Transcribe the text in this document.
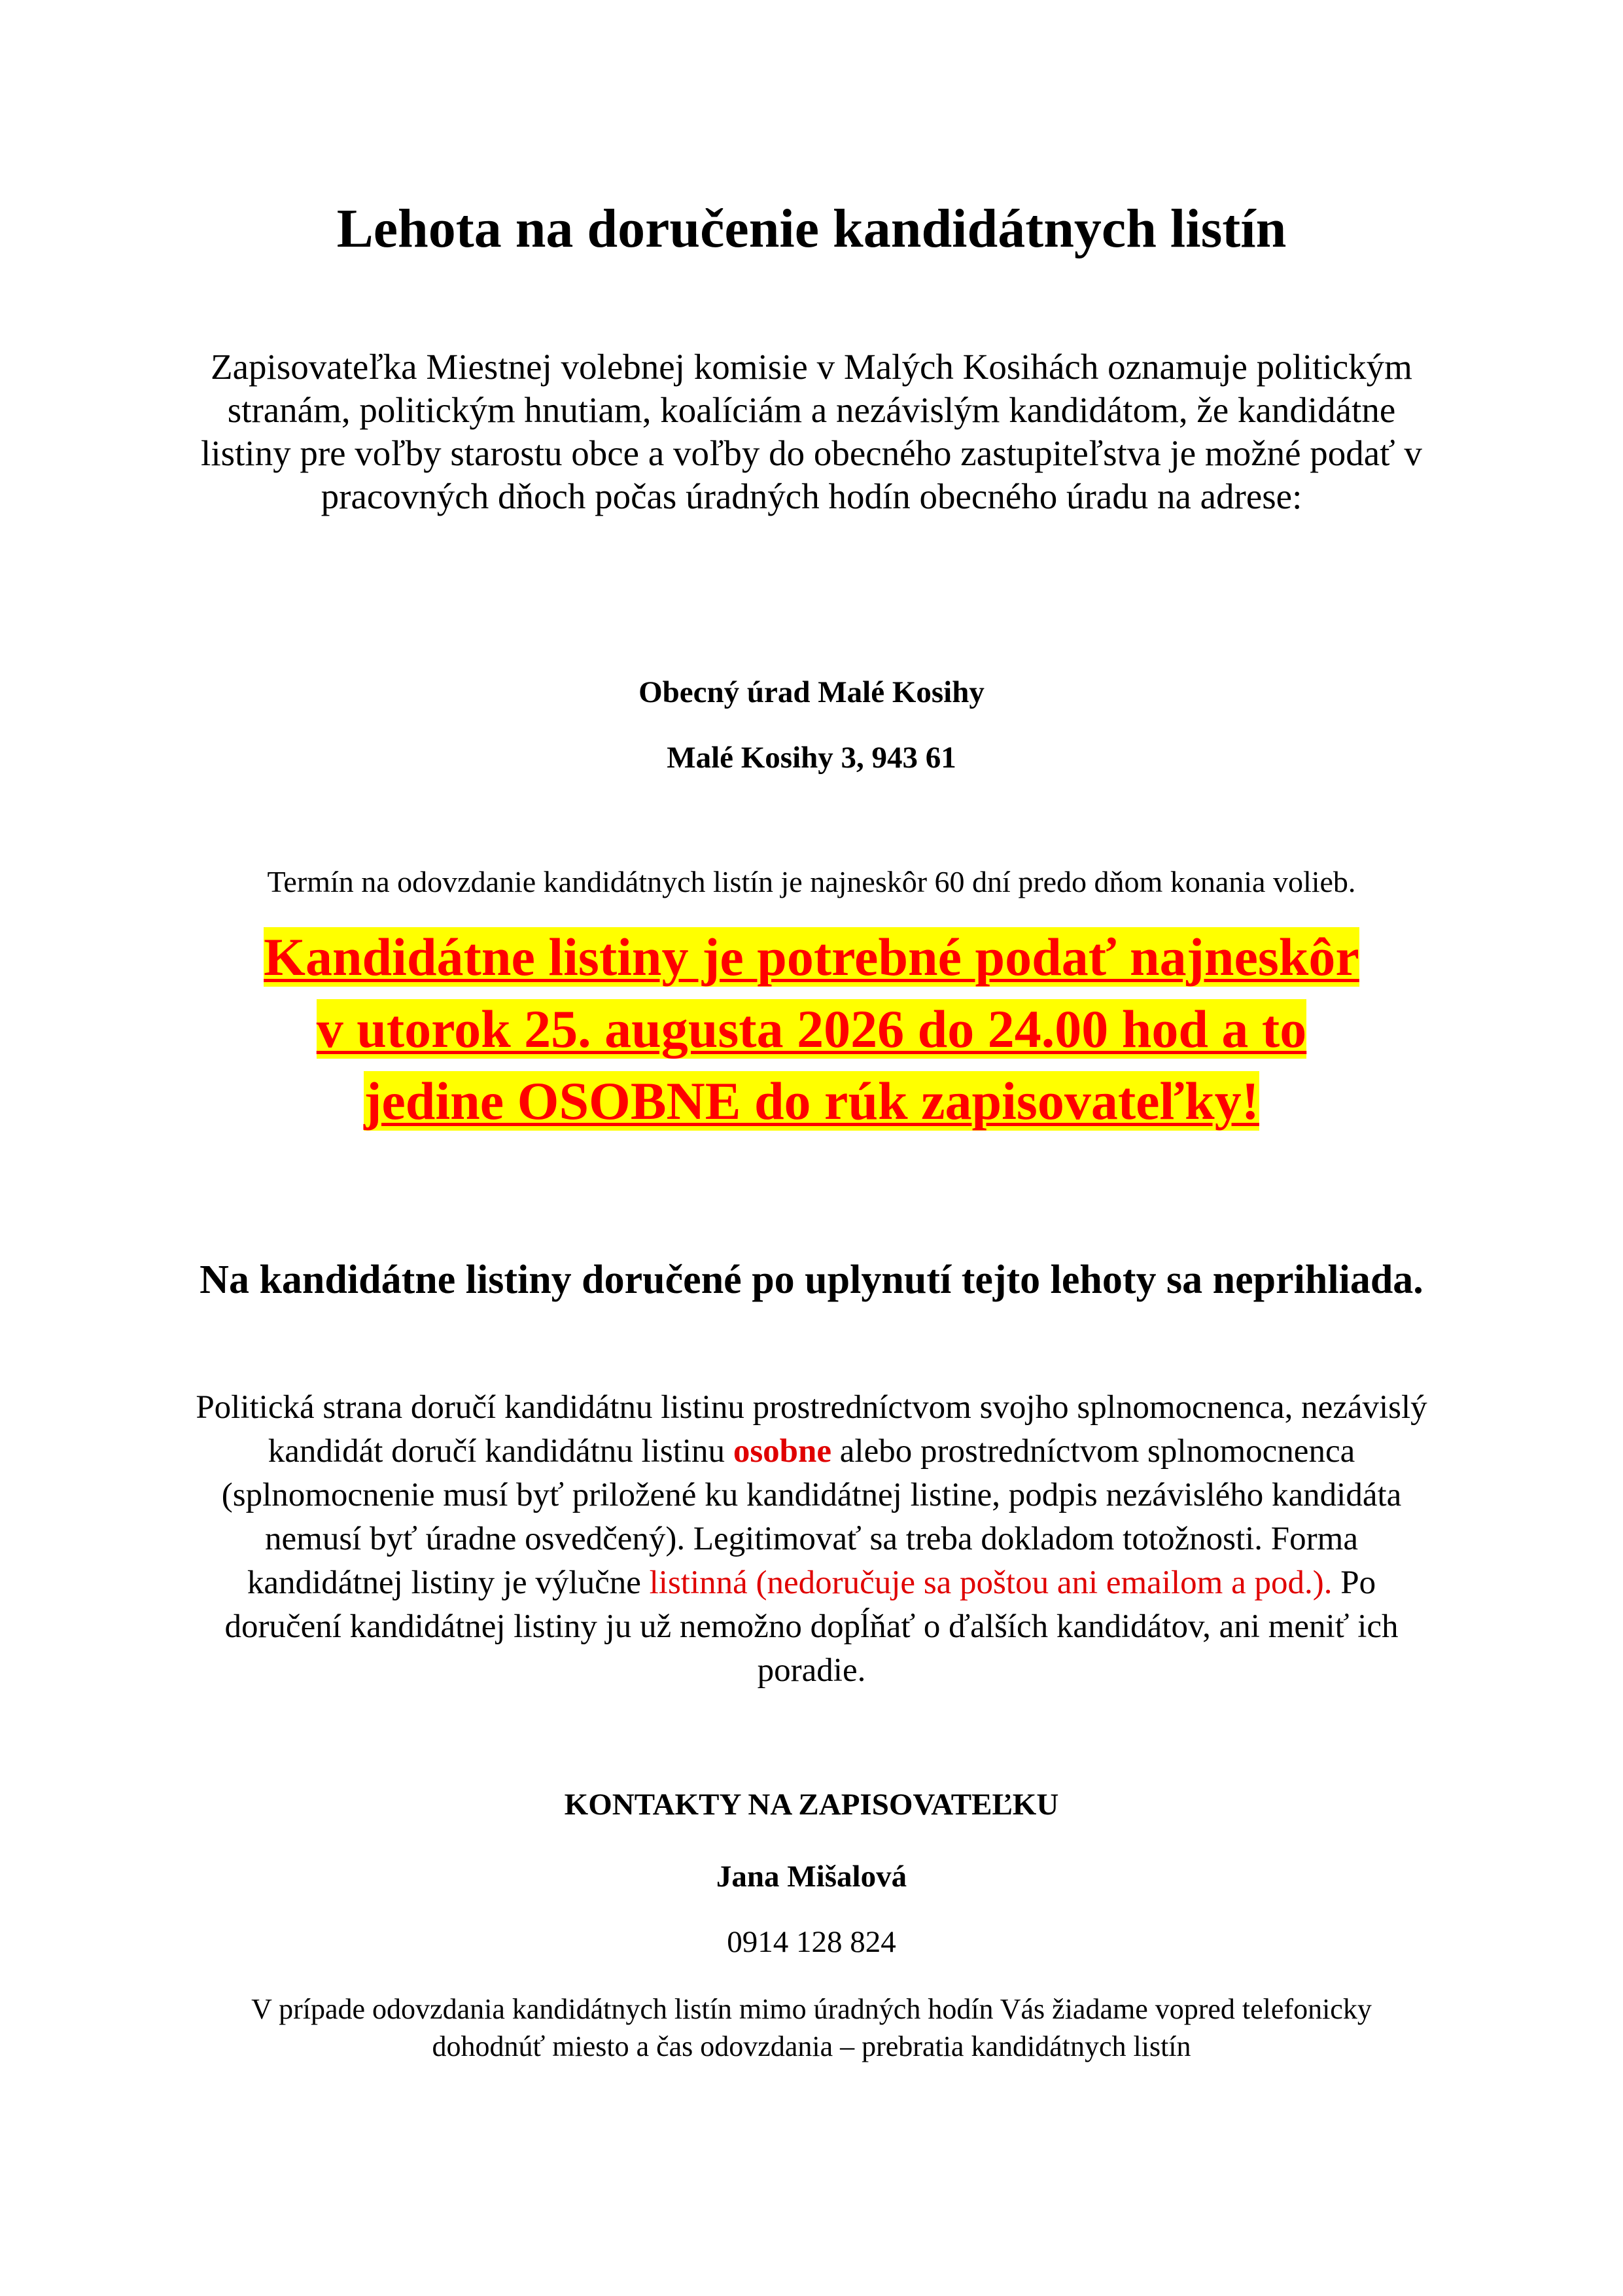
Lehota na doručenie kandidátnych listín
Zapisovateľka Miestnej volebnej komisie v Malých Kosihách oznamuje politickým stranám, politickým hnutiam, koalíciám a nezávislým kandidátom, že kandidátne listiny pre voľby starostu obce a voľby do obecného zastupiteľstva je možné podať v pracovných dňoch počas úradných hodín obecného úradu na adrese:
Obecný úrad Malé Kosihy
Malé Kosihy 3, 943 61
Termín na odovzdanie kandidátnych listín je najneskôr 60 dní predo dňom konania volieb.
Kandidátne listiny je potrebné podať najneskôr
v utorok 25. augusta 2026 do 24.00 hod a to
jedine OSOBNE do rúk zapisovateľky!
Na kandidátne listiny doručené po uplynutí tejto lehoty sa neprihliada.
Politická strana doručí kandidátnu listinu prostredníctvom svojho splnomocnenca, nezávislý kandidát doručí kandidátnu listinu osobne alebo prostredníctvom splnomocnenca (splnomocnenie musí byť priložené ku kandidátnej listine, podpis nezávislého kandidáta nemusí byť úradne osvedčený). Legitimovať sa treba dokladom totožnosti. Forma kandidátnej listiny je výlučne listinná (nedoručuje sa poštou ani emailom a pod.). Po doručení kandidátnej listiny ju už nemožno dopĺňať o ďalších kandidátov, ani meniť ich poradie.
KONTAKTY NA ZAPISOVATEĽKU
Jana Mišalová
0914 128 824
V prípade odovzdania kandidátnych listín mimo úradných hodín Vás žiadame vopred telefonicky dohodnúť miesto a čas odovzdania – prebratia kandidátnych listín
